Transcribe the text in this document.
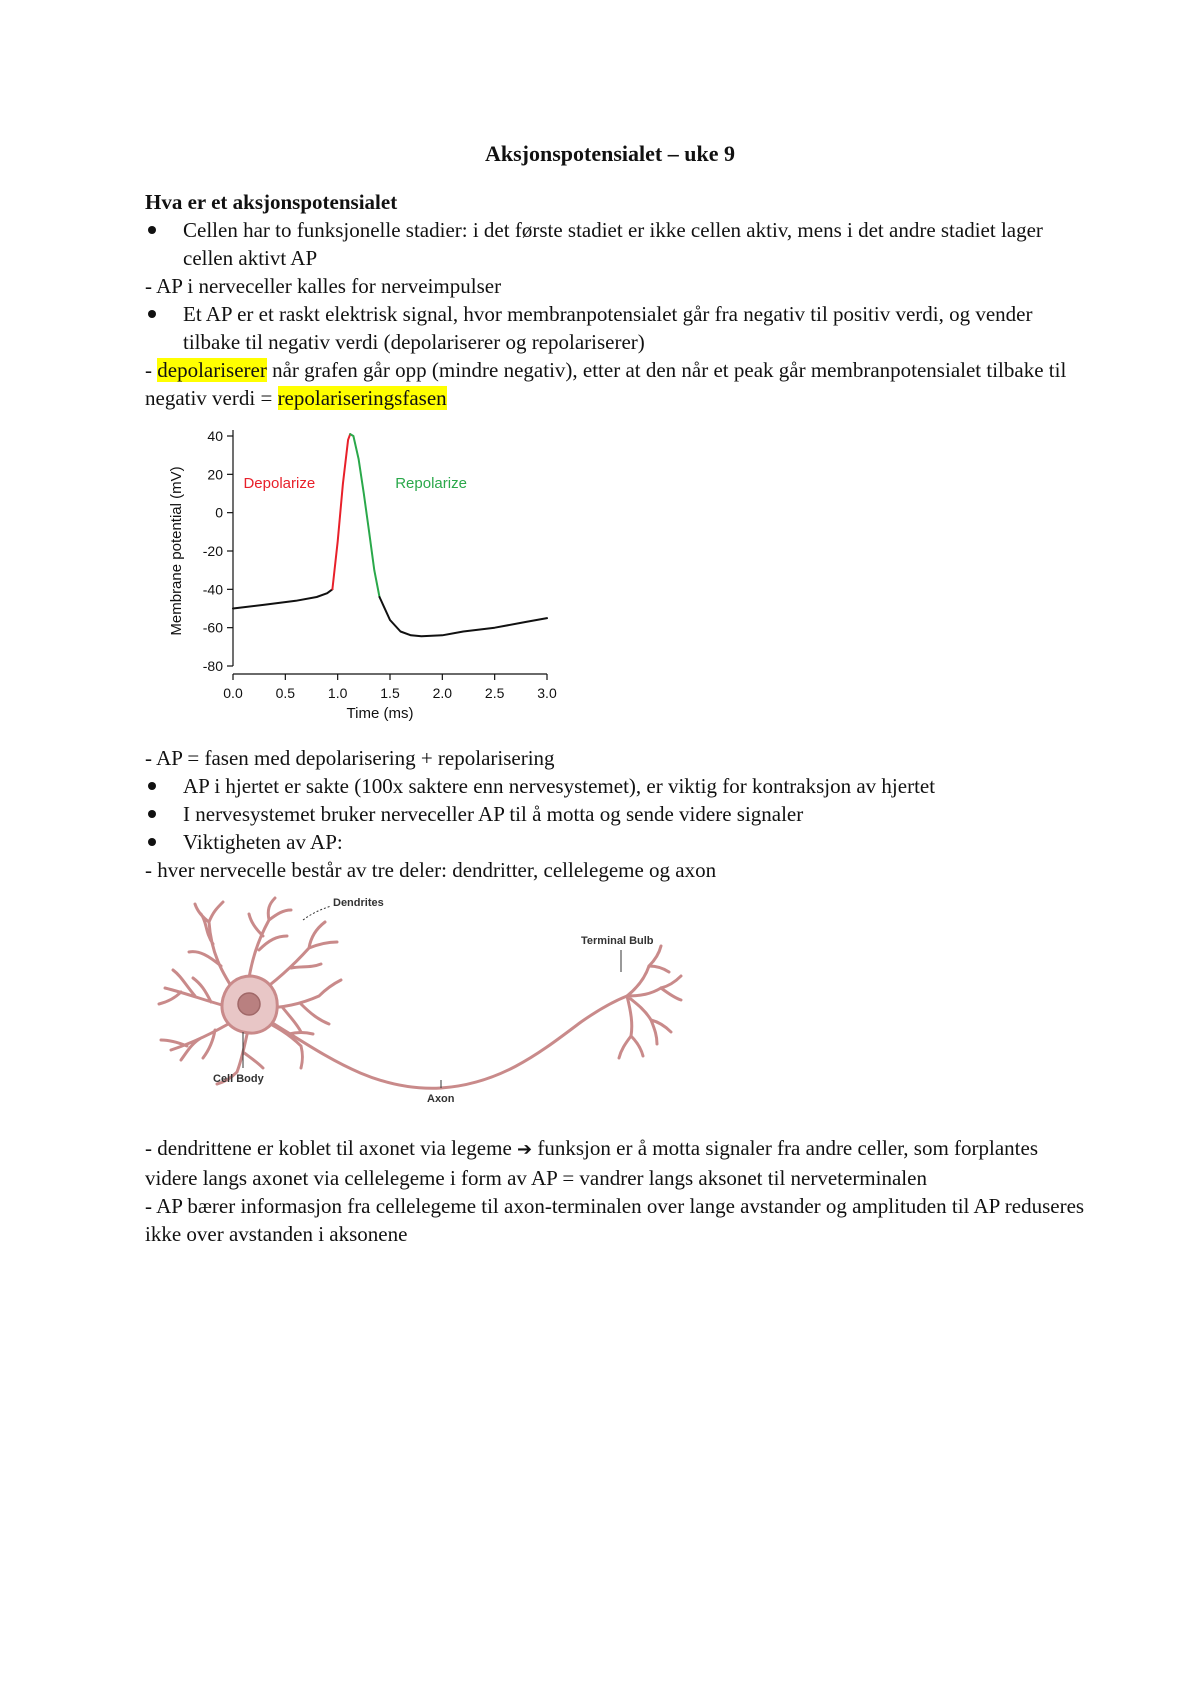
Aksjonspotensialet – uke 9

Hva er et aksjonspotensialet

Cellen har to funksjonelle stadier: i det første stadiet er ikke cellen aktiv, mens i det andre stadiet lager cellen aktivt AP

- AP i nerveceller kalles for nerveimpulser

Et AP er et raskt elektrisk signal, hvor membranpotensialet går fra negativ til positiv verdi, og vender tilbake til negativ verdi (depolariserer og repolariserer)

- depolariserer når grafen går opp (mindre negativ), etter at den når et peak går membranpotensialet tilbake til negativ verdi = repolariseringsfasen

40
20
0
-20
-40
-60
-80
0.0 0.5 1.0 1.5 2.0 2.5 3.0
Membrane potential (mV)
Time (ms)
Depolarize	Repolarize

- AP = fasen med depolarisering + repolarisering

AP i hjertet er sakte (100x saktere enn nervesystemet), er viktig for kontraksjon av hjertet

I nervesystemet bruker nerveceller AP til å motta og sende videre signaler

Viktigheten av AP:

- hver nervecelle består av tre deler: dendritter, cellelegeme og axon

Dendrites
Terminal Bulb
Cell Body
Axon

- dendrittene er koblet til axonet via legeme ➔ funksjon er å motta signaler fra andre celler, som forplantes videre langs axonet via cellelegeme i form av AP = vandrer langs aksonet til nerveterminalen

- AP bærer informasjon fra cellelegeme til axon-terminalen over lange avstander og amplituden til AP reduseres ikke over avstanden i aksonene
